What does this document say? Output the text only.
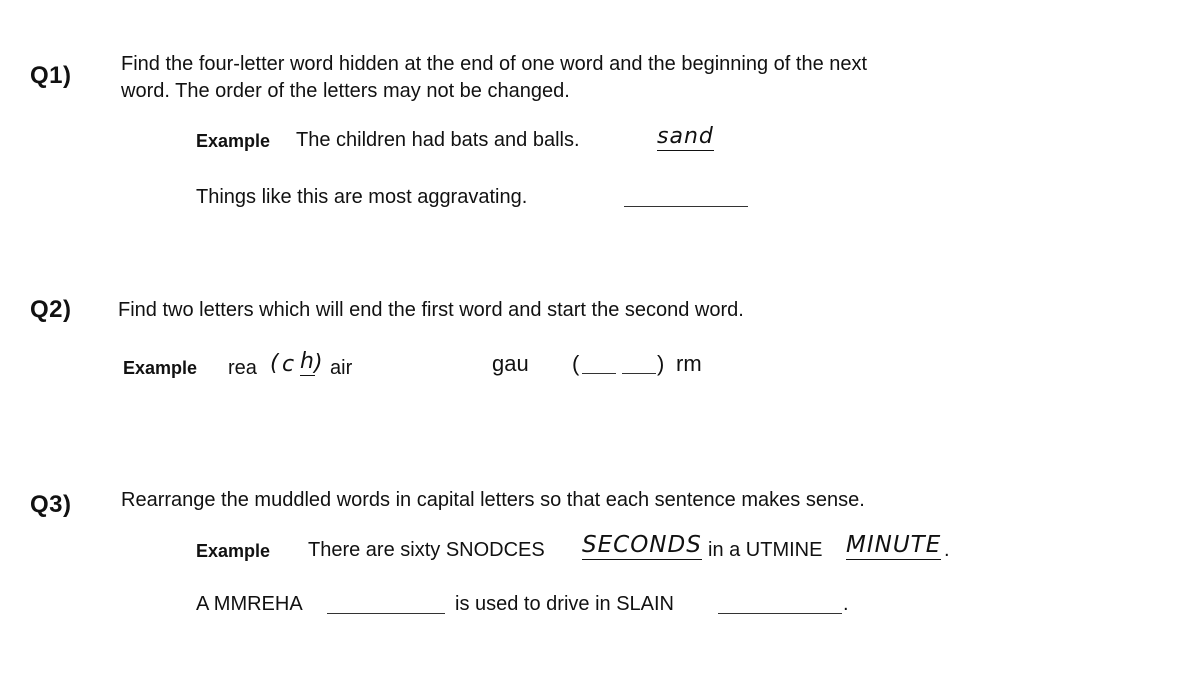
Q1) Find the four-letter word hidden at the end of one word and the beginning of the next
word. The order of the letters may not be changed.
Example The children had bats and balls.	sand
Things like this are most aggravating.
Q2) Find two letters which will end the first word and start the second word.
Example rea ( c h ) air	gau (	) rm
Q3) Rearrange the muddled words in capital letters so that each sentence makes sense.
Example There are sixty SNODCES SECONDS in a UTMINE MINUTE .
A MMREHA	is used to drive in SLAIN	.
